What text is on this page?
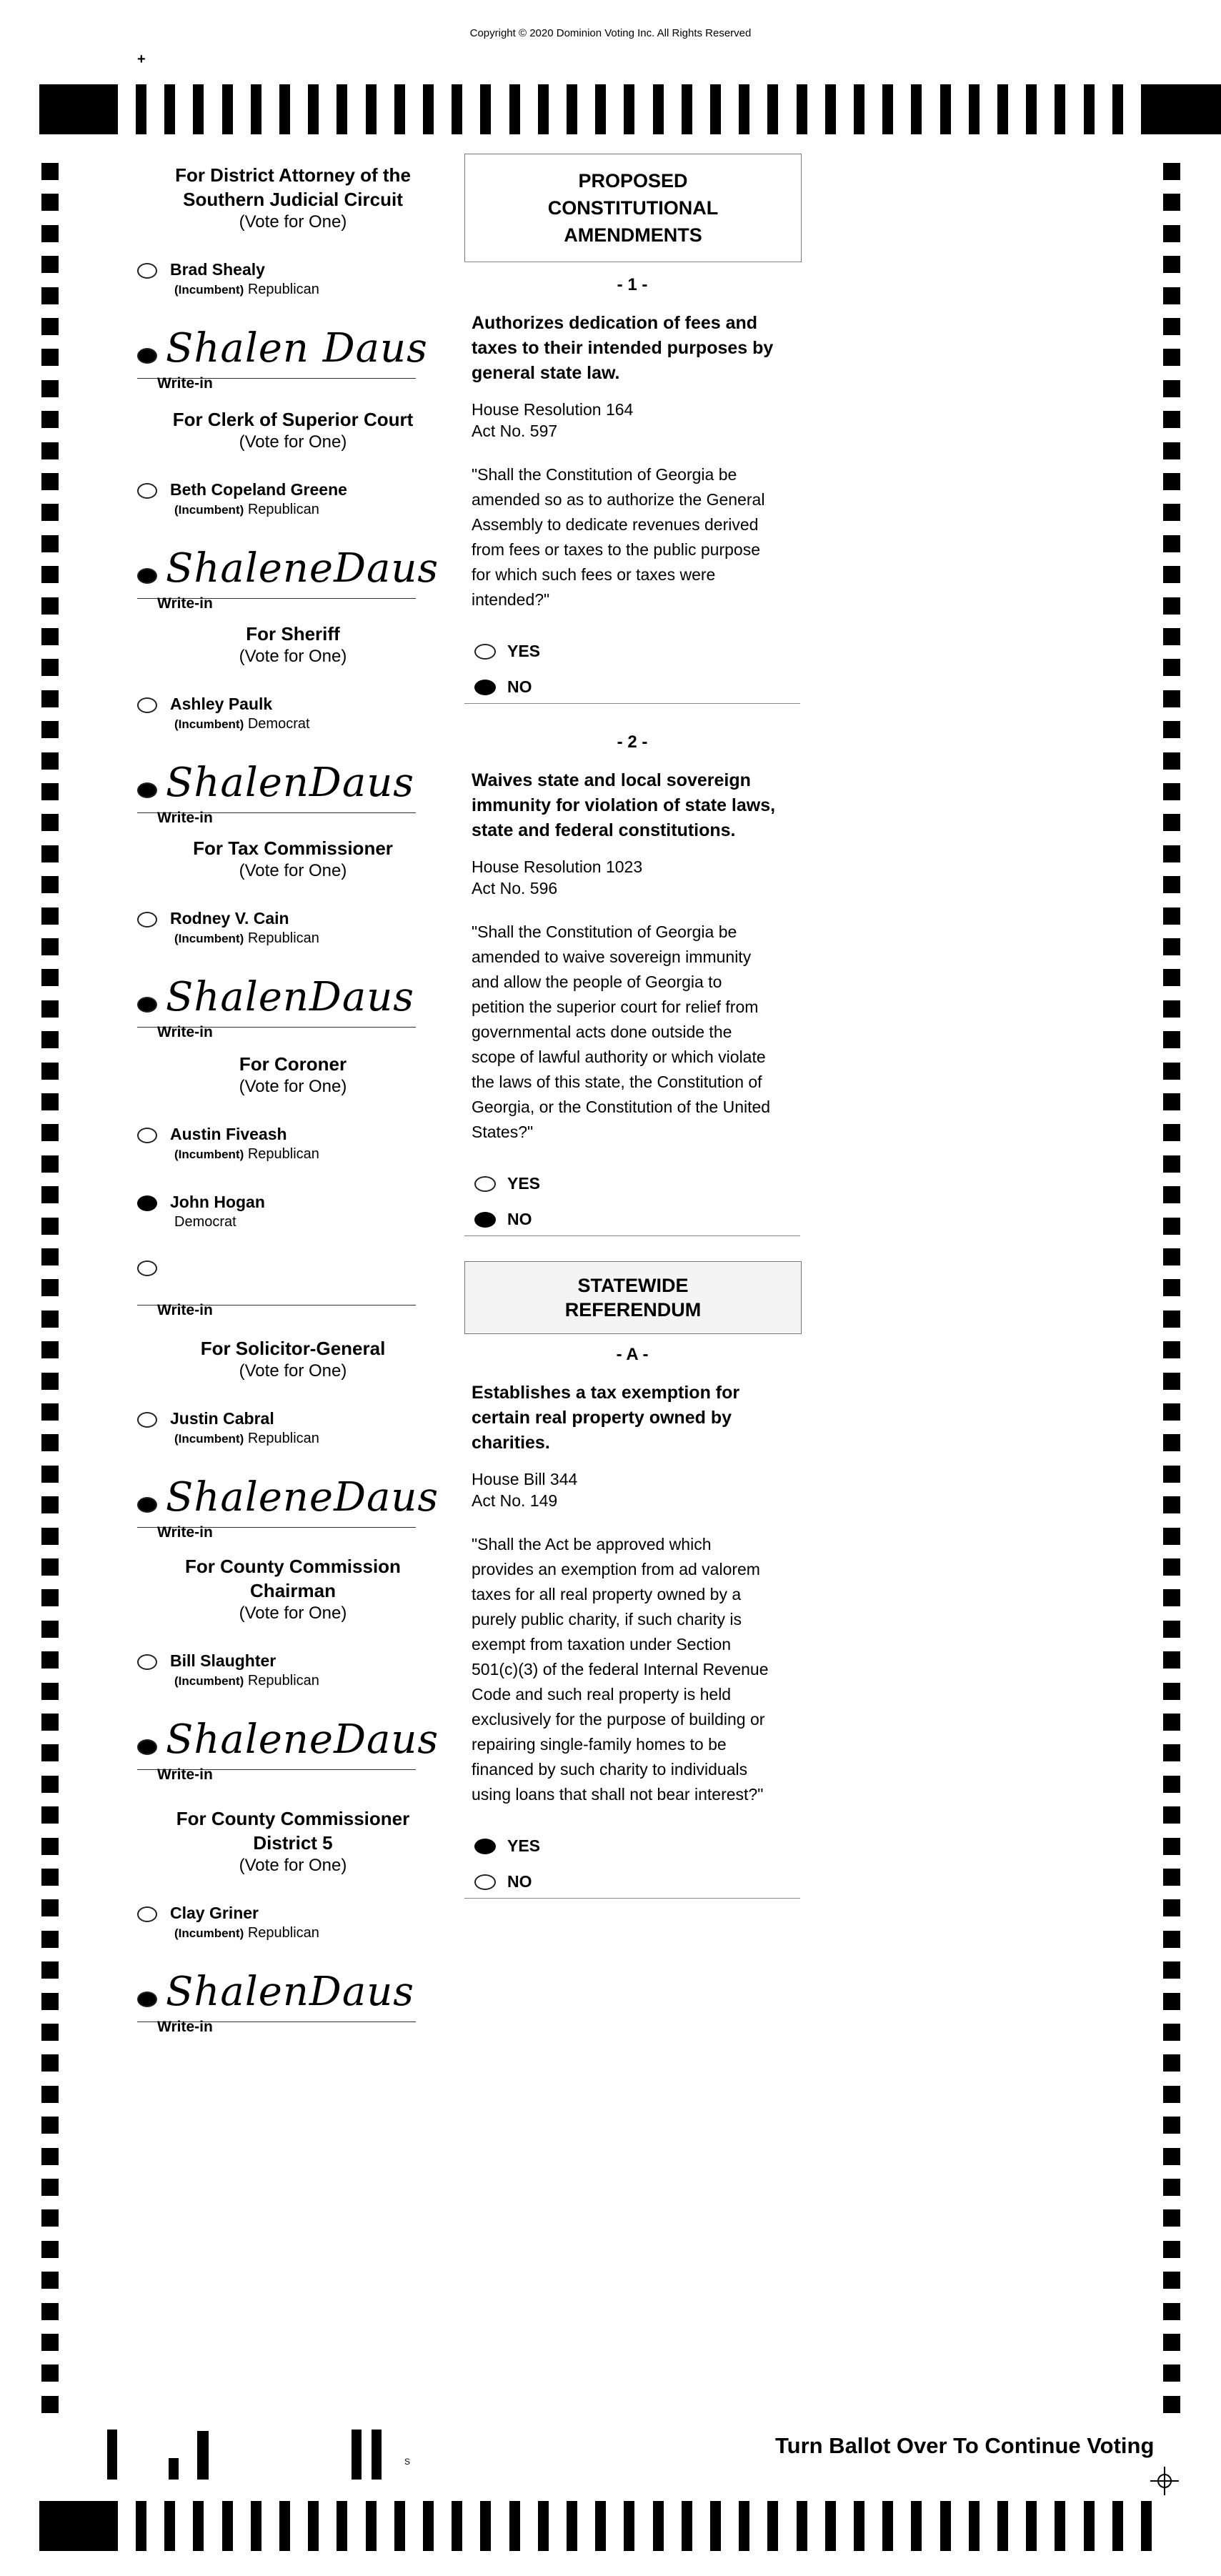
Copyright © 2020 Dominion Voting Inc. All Rights Reserved
+
For District Attorney of the
Southern Judicial Circuit
(Vote for One)
Brad Shealy
(Incumbent) Republican
Shalen Daus
Write-in
For Clerk of Superior Court
(Vote for One)
Beth Copeland Greene
(Incumbent) Republican
ShaleneDaus
Write-in
For Sheriff
(Vote for One)
Ashley Paulk
(Incumbent) Democrat
ShalenDaus
Write-in
For Tax Commissioner
(Vote for One)
Rodney V. Cain
(Incumbent) Republican
ShalenDaus
Write-in
For Coroner
(Vote for One)
Austin Fiveash
(Incumbent) Republican
John Hogan
Democrat
Write-in
For Solicitor-General
(Vote for One)
Justin Cabral
(Incumbent) Republican
ShaleneDaus
Write-in
For County Commission
Chairman
(Vote for One)
Bill Slaughter
(Incumbent) Republican
ShaleneDaus
Write-in
For County Commissioner
District 5
(Vote for One)
Clay Griner
(Incumbent) Republican
ShalenDaus
Write-in
PROPOSED
CONSTITUTIONAL
AMENDMENTS
- 1 -
Authorizes dedication of fees and
taxes to their intended purposes by
general state law.
House Resolution 164
Act No. 597
"Shall the Constitution of Georgia be
amended so as to authorize the General
Assembly to dedicate revenues derived
from fees or taxes to the public purpose
for which such fees or taxes were
intended?"
YES
NO
- 2 -
Waives state and local sovereign
immunity for violation of state laws,
state and federal constitutions.
House Resolution 1023
Act No. 596
"Shall the Constitution of Georgia be
amended to waive sovereign immunity
and allow the people of Georgia to
petition the superior court for relief from
governmental acts done outside the
scope of lawful authority or which violate
the laws of this state, the Constitution of
Georgia, or the Constitution of the United
States?"
YES
NO
STATEWIDE
REFERENDUM
- A -
Establishes a tax exemption for
certain real property owned by
charities.
House Bill 344
Act No. 149
"Shall the Act be approved which
provides an exemption from ad valorem
taxes for all real property owned by a
purely public charity, if such charity is
exempt from taxation under Section
501(c)(3) of the federal Internal Revenue
Code and such real property is held
exclusively for the purpose of building or
repairing single-family homes to be
financed by such charity to individuals
using loans that shall not bear interest?"
YES
NO
Turn Ballot Over To Continue Voting
S
